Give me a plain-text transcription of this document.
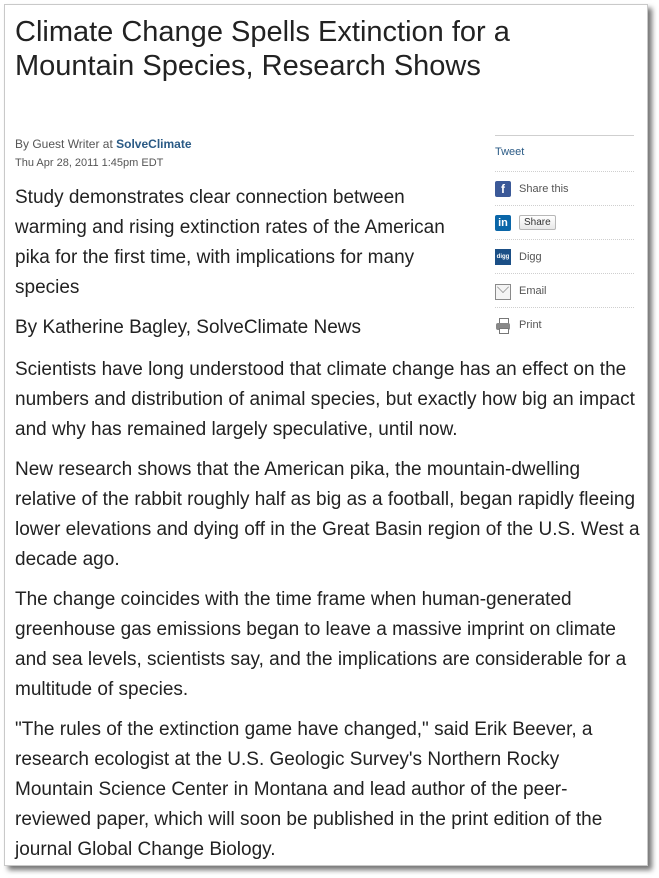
Climate Change Spells Extinction for a Mountain Species, Research Shows
By Guest Writer at SolveClimate
Thu Apr 28, 2011 1:45pm EDT
Study demonstrates clear connection between warming and rising extinction rates of the American pika for the first time, with implications for many species
By Katherine Bagley, SolveClimate News

Scientists have long understood that climate change has an effect on the numbers and distribution of animal species, but exactly how big an impact and why has remained largely speculative, until now.

New research shows that the American pika, the mountain-dwelling relative of the rabbit roughly half as big as a football, began rapidly fleeing lower elevations and dying off in the Great Basin region of the U.S. West a decade ago.

The change coincides with the time frame when human-generated greenhouse gas emissions began to leave a massive imprint on climate and sea levels, scientists say, and the implications are considerable for a multitude of species.

"The rules of the extinction game have changed," said Erik Beever, a research ecologist at the U.S. Geologic Survey's Northern Rocky Mountain Science Center in Montana and lead author of the peer-reviewed paper, which will soon be published in the print edition of the journal Global Change Biology.

Tweet
f	Share this
in	Share
digg Digg
Email
Print
